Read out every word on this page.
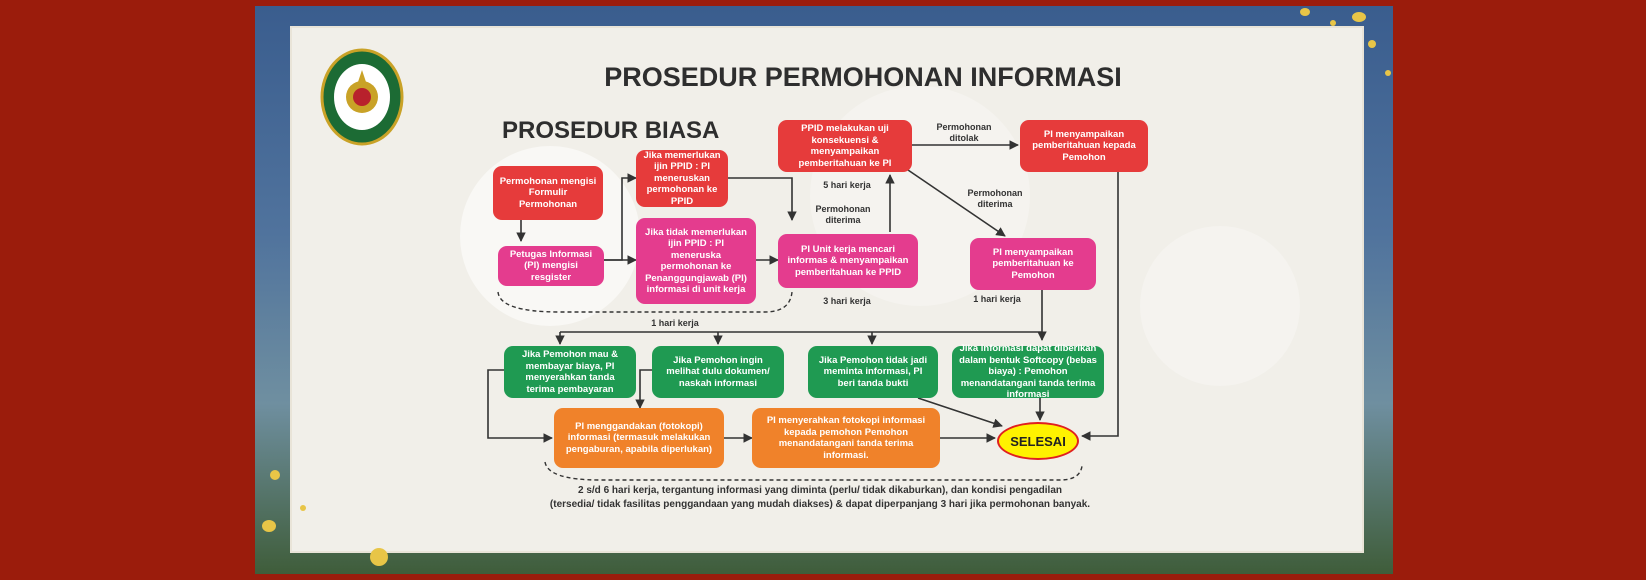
PROSEDUR PERMOHONAN INFORMASI
PROSEDUR BIASA
Permohonan mengisi Formulir Permohonan
Petugas Informasi (PI) mengisi resgister
Jika memerlukan ijin PPID : PI meneruskan permohonan ke PPID
Jika tidak memerlukan ijin PPID : PI meneruska permohonan ke Penanggungjawab (PI) informasi di unit kerja
PPID melakukan uji konsekuensi & menyampaikan pemberitahuan ke PI
PI Unit kerja mencari informas & menyampaikan pemberitahuan ke PPID
PI menyampaikan pemberitahuan kepada Pemohon
PI menyampaikan pemberitahuan ke Pemohon
Jika Pemohon mau & membayar biaya, PI menyerahkan tanda terima pembayaran
Jika Pemohon ingin melihat dulu dokumen/ naskah informasi
Jika Pemohon tidak jadi meminta informasi, PI beri tanda bukti
Jika informasi dapat diberikan dalam bentuk Softcopy (bebas biaya) : Pemohon menandatangani tanda terima informasi
PI menggandakan (fotokopi) informasi (termasuk melakukan pengaburan, apabila diperlukan)
PI menyerahkan fotokopi informasi kepada pemohon Pemohon menandatangani tanda terima informasi.
SELESAI
Permohonan ditolak
Permohonan diterima
Permohonan diterima
5 hari kerja
3 hari kerja
1 hari kerja
1 hari kerja
2 s/d 6 hari kerja, tergantung informasi yang diminta (perlu/ tidak dikaburkan), dan kondisi pengadilan
(tersedia/ tidak fasilitas penggandaan yang mudah diakses) & dapat diperpanjang 3 hari jika permohonan banyak.
